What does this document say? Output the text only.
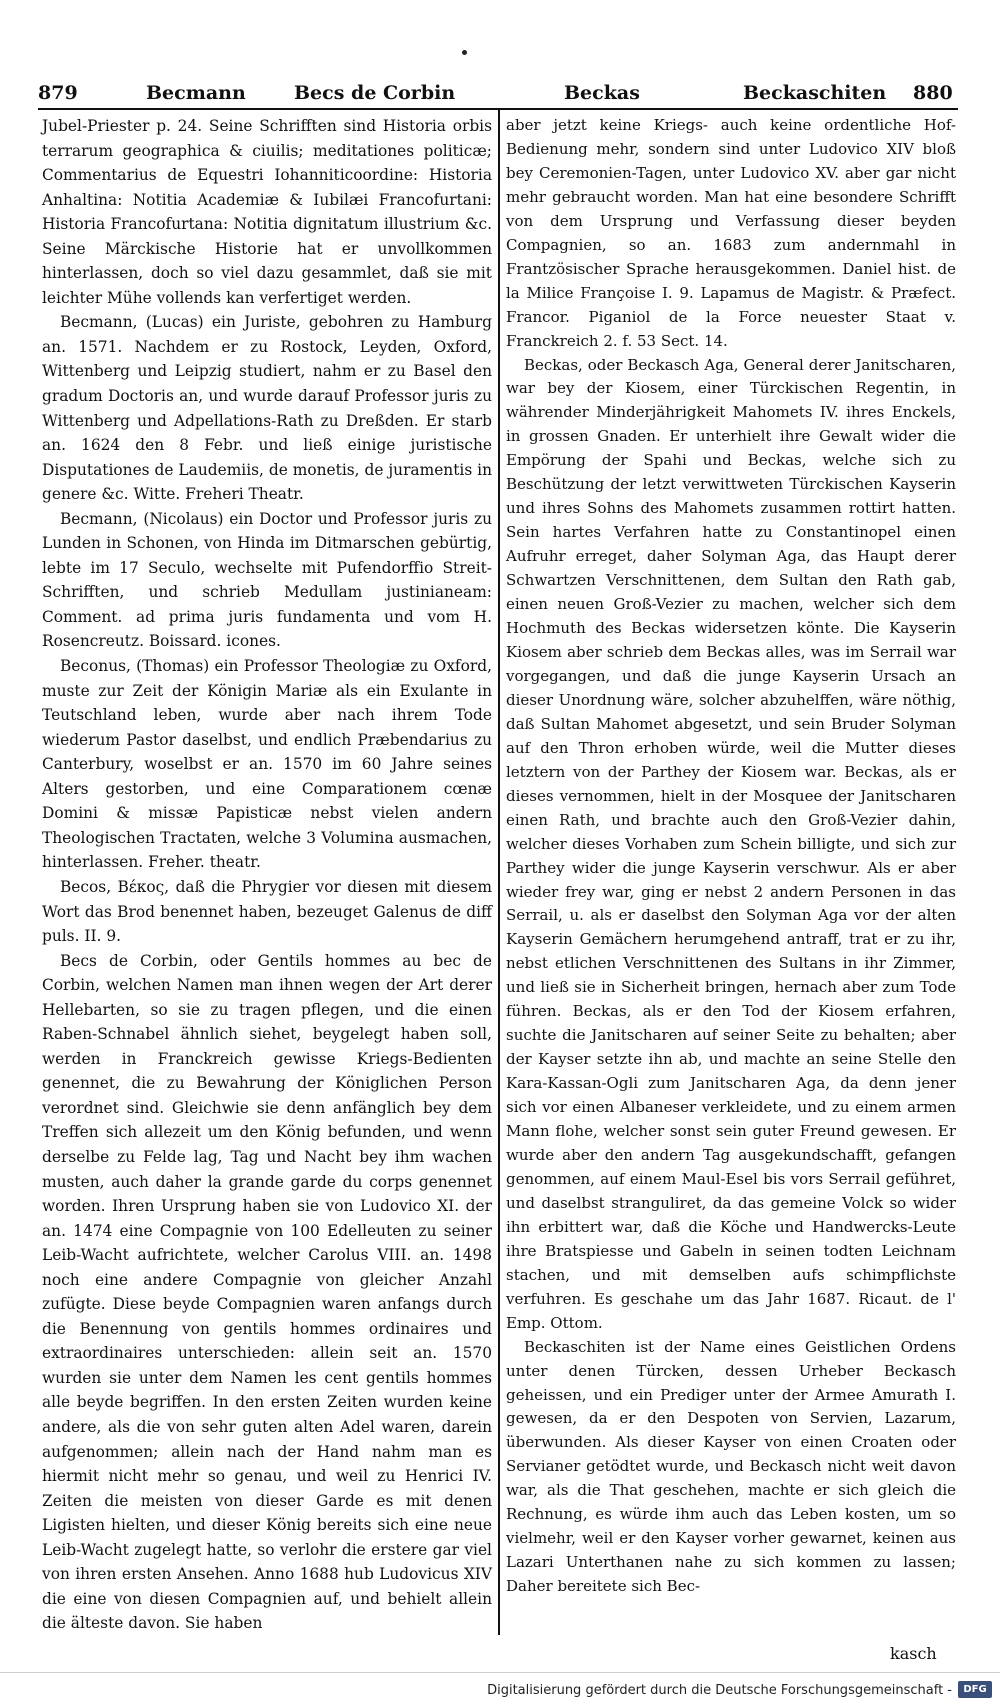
879	Becmann	Becs de Corbin	Beckas	Beckaschiten 880

Jubel-Priester p. 24. Seine Schrifften sind Historia orbis terrarum geographica & ciuilis; meditationes politicæ; Commentarius de Equestri Iohanniticoordine: Historia Anhaltina: Notitia Academiæ & Iubilæi Francofurtani: Historia Francofurtana: Notitia dignitatum illustrium &c. Seine Märckische Historie hat er unvollkommen hinterlassen, doch so viel dazu gesammlet, daß sie mit leichter Mühe vollends kan verfertiget werden.

Becmann, (Lucas) ein Juriste, gebohren zu Hamburg an. 1571. Nachdem er zu Rostock, Leyden, Oxford, Wittenberg und Leipzig studiert, nahm er zu Basel den gradum Doctoris an, und wurde darauf Professor juris zu Wittenberg und Adpellations-Rath zu Dreßden. Er starb an. 1624 den 8 Febr. und ließ einige juristische Disputationes de Laudemiis, de monetis, de juramentis in genere &c. Witte. Freheri Theatr.

Becmann, (Nicolaus) ein Doctor und Professor juris zu Lunden in Schonen, von Hinda im Ditmarschen gebürtig, lebte im 17 Seculo, wechselte mit Pufendorffio Streit-Schrifften, und schrieb Medullam justinianeam: Comment. ad prima juris fundamenta und vom H. Rosencreutz. Boissard. icones.

Beconus, (Thomas) ein Professor Theologiæ zu Oxford, muste zur Zeit der Königin Mariæ als ein Exulante in Teutschland leben, wurde aber nach ihrem Tode wiederum Pastor daselbst, und endlich Præbendarius zu Canterbury, woselbst er an. 1570 im 60 Jahre seines Alters gestorben, und eine Comparationem cœnæ Domini & missæ Papisticæ nebst vielen andern Theologischen Tractaten, welche 3 Volumina ausmachen, hinterlassen. Freher. theatr.

Becos, Βέκος, daß die Phrygier vor diesen mit diesem Wort das Brod benennet haben, bezeuget Galenus de diff puls. II. 9.

Becs de Corbin, oder Gentils hommes au bec de Corbin, welchen Namen man ihnen wegen der Art derer Hellebarten, so sie zu tragen pflegen, und die einen Raben-Schnabel ähnlich siehet, beygelegt haben soll, werden in Franckreich gewisse Kriegs-Bedienten genennet, die zu Bewahrung der Königlichen Person verordnet sind. Gleichwie sie denn anfänglich bey dem Treffen sich allezeit um den König befunden, und wenn derselbe zu Felde lag, Tag und Nacht bey ihm wachen musten, auch daher la grande garde du corps genennet worden. Ihren Ursprung haben sie von Ludovico XI. der an. 1474 eine Compagnie von 100 Edelleuten zu seiner Leib-Wacht aufrichtete, welcher Carolus VIII. an. 1498 noch eine andere Compagnie von gleicher Anzahl zufügte. Diese beyde Compagnien waren anfangs durch die Benennung von gentils hommes ordinaires und extraordinaires unterschieden: allein seit an. 1570 wurden sie unter dem Namen les cent gentils hommes alle beyde begriffen. In den ersten Zeiten wurden keine andere, als die von sehr guten alten Adel waren, darein aufgenommen; allein nach der Hand nahm man es hiermit nicht mehr so genau, und weil zu Henrici IV. Zeiten die meisten von dieser Garde es mit denen Ligisten hielten, und dieser König bereits sich eine neue Leib-Wacht zugelegt hatte, so verlohr die erstere gar viel von ihren ersten Ansehen. Anno 1688 hub Ludovicus XIV die eine von diesen Compagnien auf, und behielt allein die älteste davon. Sie haben

aber jetzt keine Kriegs- auch keine ordentliche Hof-Bedienung mehr, sondern sind unter Ludovico XIV bloß bey Ceremonien-Tagen, unter Ludovico XV. aber gar nicht mehr gebraucht worden. Man hat eine besondere Schrifft von dem Ursprung und Verfassung dieser beyden Compagnien, so an. 1683 zum andernmahl in Frantzösischer Sprache herausgekommen. Daniel hist. de la Milice Françoise I. 9. Lapamus de Magistr. & Præfect. Francor. Piganiol de la Force neuester Staat v. Franckreich 2. f. 53 Sect. 14.

Beckas, oder Beckasch Aga, General derer Janitscharen, war bey der Kiosem, einer Türckischen Regentin, in währender Minderjährigkeit Mahomets IV. ihres Enckels, in grossen Gnaden. Er unterhielt ihre Gewalt wider die Empörung der Spahi und Beckas, welche sich zu Beschützung der letzt verwittweten Türckischen Kayserin und ihres Sohns des Mahomets zusammen rottirt hatten. Sein hartes Verfahren hatte zu Constantinopel einen Aufruhr erreget, daher Solyman Aga, das Haupt derer Schwartzen Verschnittenen, dem Sultan den Rath gab, einen neuen Groß-Vezier zu machen, welcher sich dem Hochmuth des Beckas widersetzen könte. Die Kayserin Kiosem aber schrieb dem Beckas alles, was im Serrail war vorgegangen, und daß die junge Kayserin Ursach an dieser Unordnung wäre, solcher abzuhelffen, wäre nöthig, daß Sultan Mahomet abgesetzt, und sein Bruder Solyman auf den Thron erhoben würde, weil die Mutter dieses letztern von der Parthey der Kiosem war. Beckas, als er dieses vernommen, hielt in der Mosquee der Janitscharen einen Rath, und brachte auch den Groß-Vezier dahin, welcher dieses Vorhaben zum Schein billigte, und sich zur Parthey wider die junge Kayserin verschwur. Als er aber wieder frey war, ging er nebst 2 andern Personen in das Serrail, u. als er daselbst den Solyman Aga vor der alten Kayserin Gemächern herumgehend antraff, trat er zu ihr, nebst etlichen Verschnittenen des Sultans in ihr Zimmer, und ließ sie in Sicherheit bringen, hernach aber zum Tode führen. Beckas, als er den Tod der Kiosem erfahren, suchte die Janitscharen auf seiner Seite zu behalten; aber der Kayser setzte ihn ab, und machte an seine Stelle den Kara-Kassan-Ogli zum Janitscharen Aga, da denn jener sich vor einen Albaneser verkleidete, und zu einem armen Mann flohe, welcher sonst sein guter Freund gewesen. Er wurde aber den andern Tag ausgekundschafft, gefangen genommen, auf einem Maul-Esel bis vors Serrail geführet, und daselbst stranguliret, da das gemeine Volck so wider ihn erbittert war, daß die Köche und Handwercks-Leute ihre Bratspiesse und Gabeln in seinen todten Leichnam stachen, und mit demselben aufs schimpflichste verfuhren. Es geschahe um das Jahr 1687. Ricaut. de l' Emp. Ottom.

Beckaschiten ist der Name eines Geistlichen Ordens unter denen Türcken, dessen Urheber Beckasch geheissen, und ein Prediger unter der Armee Amurath I. gewesen, da er den Despoten von Servien, Lazarum, überwunden. Als dieser Kayser von einen Croaten oder Servianer getödtet wurde, und Beckasch nicht weit davon war, als die That geschehen, machte er sich gleich die Rechnung, es würde ihm auch das Leben kosten, um so vielmehr, weil er den Kayser vorher gewarnet, keinen aus Lazari Unterthanen nahe zu sich kommen zu lassen; Daher bereitete sich Bec-

kasch
Digitalisierung gefördert durch die Deutsche Forschungsgemeinschaft -	DFG
